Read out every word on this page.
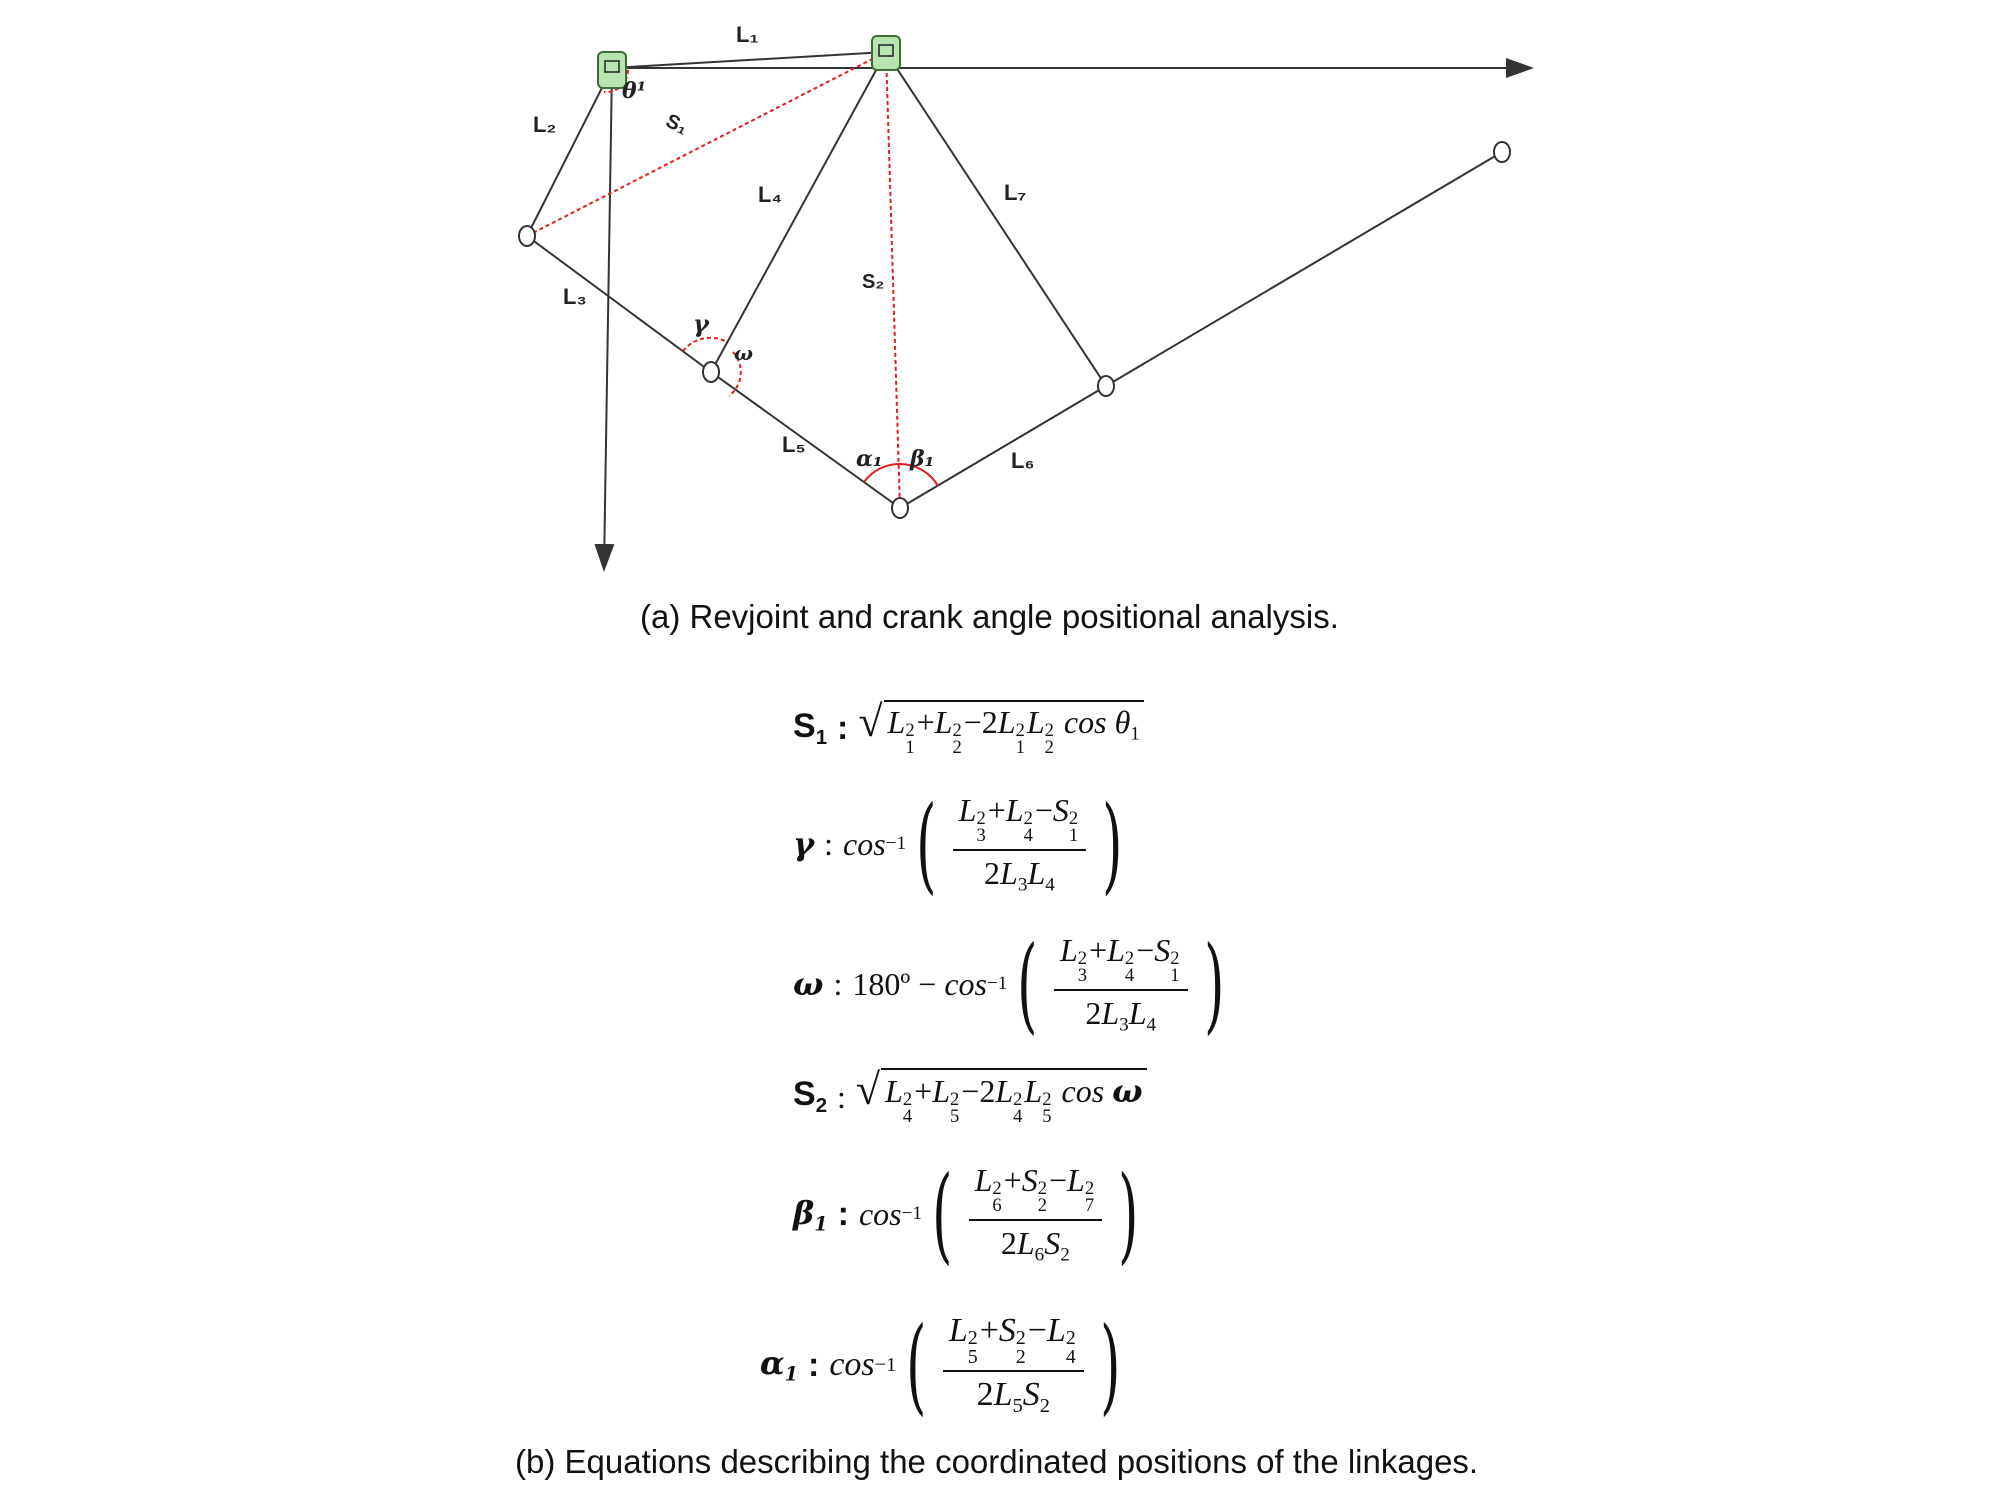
L₁
L₂
L₃
L₄
L₅
L₆
L₇
S₁
S₂
θ¹
γ
ω
α₁ β₁
(a) Revjoint and crank angle positional analysis.
$S_1$ : √ L 2
1
+L 2
2
−2L 2
1
L 2
2
$\cos \theta_1$
γ : cos −1 ( L 2
3
+L 2
4
−S 2
1
$2L_3L_4$ )
ω : 180º − cos −1 ( L 2
3
+L 2
4
−S 2
1
$2L_3L_4$ )
$S_2$ : √ L 2
4
+L 2
5
−2L 2
4
L 2
5
cos ω
$\beta_1$ : cos −1 ( L 2
6
+S 2
2
−L 2
7
$2L_6S_2$ )
$\alpha_1$ : cos −1 ( L 2
5
+S 2
2
−L 2
4
$2L_5S_2$ )
(b) Equations describing the coordinated positions of the linkages.
